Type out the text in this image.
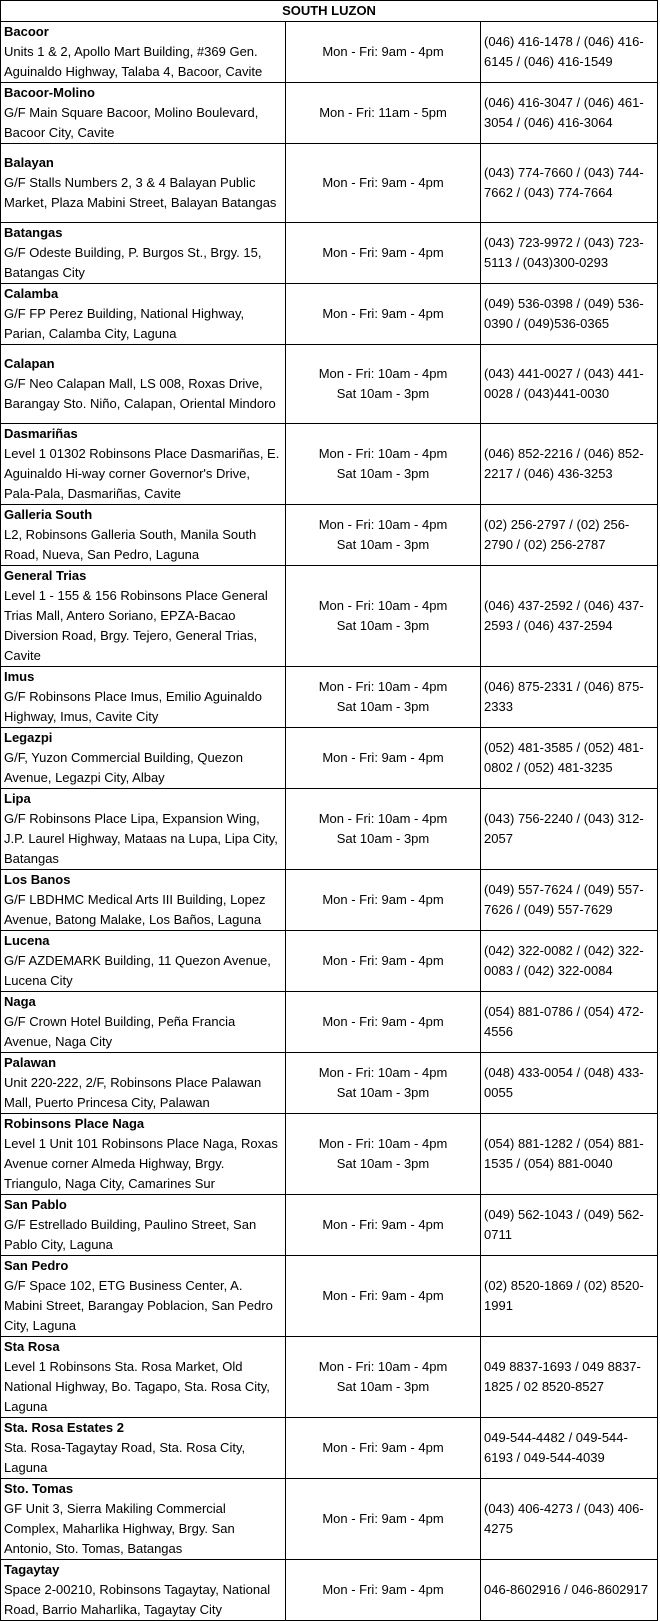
SOUTH LUZON		

Bacoor
Units 1 & 2, Apollo Mart Building, #369 Gen. Aguinaldo Highway, Talaba 4, Bacoor, Cavite	Mon - Fri: 9am - 4pm	(046) 416-1478 / (046) 416-6145 / (046) 416-1549

Bacoor-Molino
G/F Main Square Bacoor, Molino Boulevard, Bacoor City, Cavite	Mon - Fri: 11am - 5pm	(046) 416-3047 / (046) 461-3054 / (046) 416-3064

Balayan
G/F Stalls Numbers 2, 3 & 4 Balayan Public Market, Plaza Mabini Street, Balayan Batangas	Mon - Fri: 9am - 4pm	(043) 774-7660 / (043) 744-7662 / (043) 774-7664

Batangas
G/F Odeste Building, P. Burgos St., Brgy. 15, Batangas City	Mon - Fri: 9am - 4pm	(043) 723-9972 / (043) 723-5113 / (043)300-0293

Calamba
G/F FP Perez Building, National Highway, Parian, Calamba City, Laguna	Mon - Fri: 9am - 4pm	(049) 536-0398 / (049) 536-0390 / (049)536-0365

Calapan
G/F Neo Calapan Mall, LS 008, Roxas Drive, Barangay Sto. Niño, Calapan, Oriental Mindoro	Mon - Fri: 10am - 4pm
Sat 10am - 3pm	(043) 441-0027 / (043) 441-0028 / (043)441-0030

Dasmariñas
Level 1 01302 Robinsons Place Dasmariñas, E. Aguinaldo Hi-way corner Governor's Drive, Pala-Pala, Dasmariñas, Cavite	Mon - Fri: 10am - 4pm
Sat 10am - 3pm	(046) 852-2216 / (046) 852-2217 / (046) 436-3253

Galleria South
L2, Robinsons Galleria South, Manila South Road, Nueva, San Pedro, Laguna	Mon - Fri: 10am - 4pm
Sat 10am - 3pm	(02) 256-2797 / (02) 256-2790 / (02) 256-2787

General Trias
Level 1 - 155 & 156 Robinsons Place General Trias Mall, Antero Soriano, EPZA-Bacao Diversion Road, Brgy. Tejero, General Trias, Cavite	Mon - Fri: 10am - 4pm
Sat 10am - 3pm	(046) 437-2592 / (046) 437-2593 / (046) 437-2594

Imus
G/F Robinsons Place Imus, Emilio Aguinaldo Highway, Imus, Cavite City	Mon - Fri: 10am - 4pm
Sat 10am - 3pm	(046) 875-2331 / (046) 875-2333

Legazpi
G/F, Yuzon Commercial Building, Quezon Avenue, Legazpi City, Albay	Mon - Fri: 9am - 4pm	(052) 481-3585 / (052) 481-0802 / (052) 481-3235

Lipa
G/F Robinsons Place Lipa, Expansion Wing, J.P. Laurel Highway, Mataas na Lupa, Lipa City, Batangas	Mon - Fri: 10am - 4pm
Sat 10am - 3pm	(043) 756-2240 / (043) 312-2057

Los Banos
G/F LBDHMC Medical Arts III Building, Lopez Avenue, Batong Malake, Los Baños, Laguna	Mon - Fri: 9am - 4pm	(049) 557-7624 / (049) 557-7626 / (049) 557-7629

Lucena
G/F AZDEMARK Building, 11 Quezon Avenue, Lucena City	Mon - Fri: 9am - 4pm	(042) 322-0082 / (042) 322-0083 / (042) 322-0084

Naga
G/F Crown Hotel Building, Peña Francia Avenue, Naga City	Mon - Fri: 9am - 4pm	(054) 881-0786 / (054) 472-4556

Palawan
Unit 220-222, 2/F, Robinsons Place Palawan Mall, Puerto Princesa City, Palawan	Mon - Fri: 10am - 4pm
Sat 10am - 3pm	(048) 433-0054 / (048) 433-0055

Robinsons Place Naga
Level 1 Unit 101 Robinsons Place Naga, Roxas Avenue corner Almeda Highway, Brgy. Triangulo, Naga City, Camarines Sur	Mon - Fri: 10am - 4pm
Sat 10am - 3pm	(054) 881-1282 / (054) 881-1535 / (054) 881-0040

San Pablo
G/F Estrellado Building, Paulino Street, San Pablo City, Laguna	Mon - Fri: 9am - 4pm	(049) 562-1043 / (049) 562-0711

San Pedro
G/F Space 102, ETG Business Center, A. Mabini Street, Barangay Poblacion, San Pedro City, Laguna	Mon - Fri: 9am - 4pm	(02) 8520-1869 / (02) 8520-1991

Sta Rosa
Level 1 Robinsons Sta. Rosa Market, Old National Highway, Bo. Tagapo, Sta. Rosa City, Laguna	Mon - Fri: 10am - 4pm
Sat 10am - 3pm	049 8837-1693 / 049 8837-1825 / 02 8520-8527

Sta. Rosa Estates 2
Sta. Rosa-Tagaytay Road, Sta. Rosa City, Laguna	Mon - Fri: 9am - 4pm	049-544-4482 / 049-544-6193 / 049-544-4039

Sto. Tomas
GF Unit 3, Sierra Makiling Commercial Complex, Maharlika Highway, Brgy. San Antonio, Sto. Tomas, Batangas	Mon - Fri: 9am - 4pm	(043) 406-4273 / (043) 406-4275

Tagaytay
Space 2-00210, Robinsons Tagaytay, National Road, Barrio Maharlika, Tagaytay City	Mon - Fri: 9am - 4pm	046-8602916 / 046-8602917
